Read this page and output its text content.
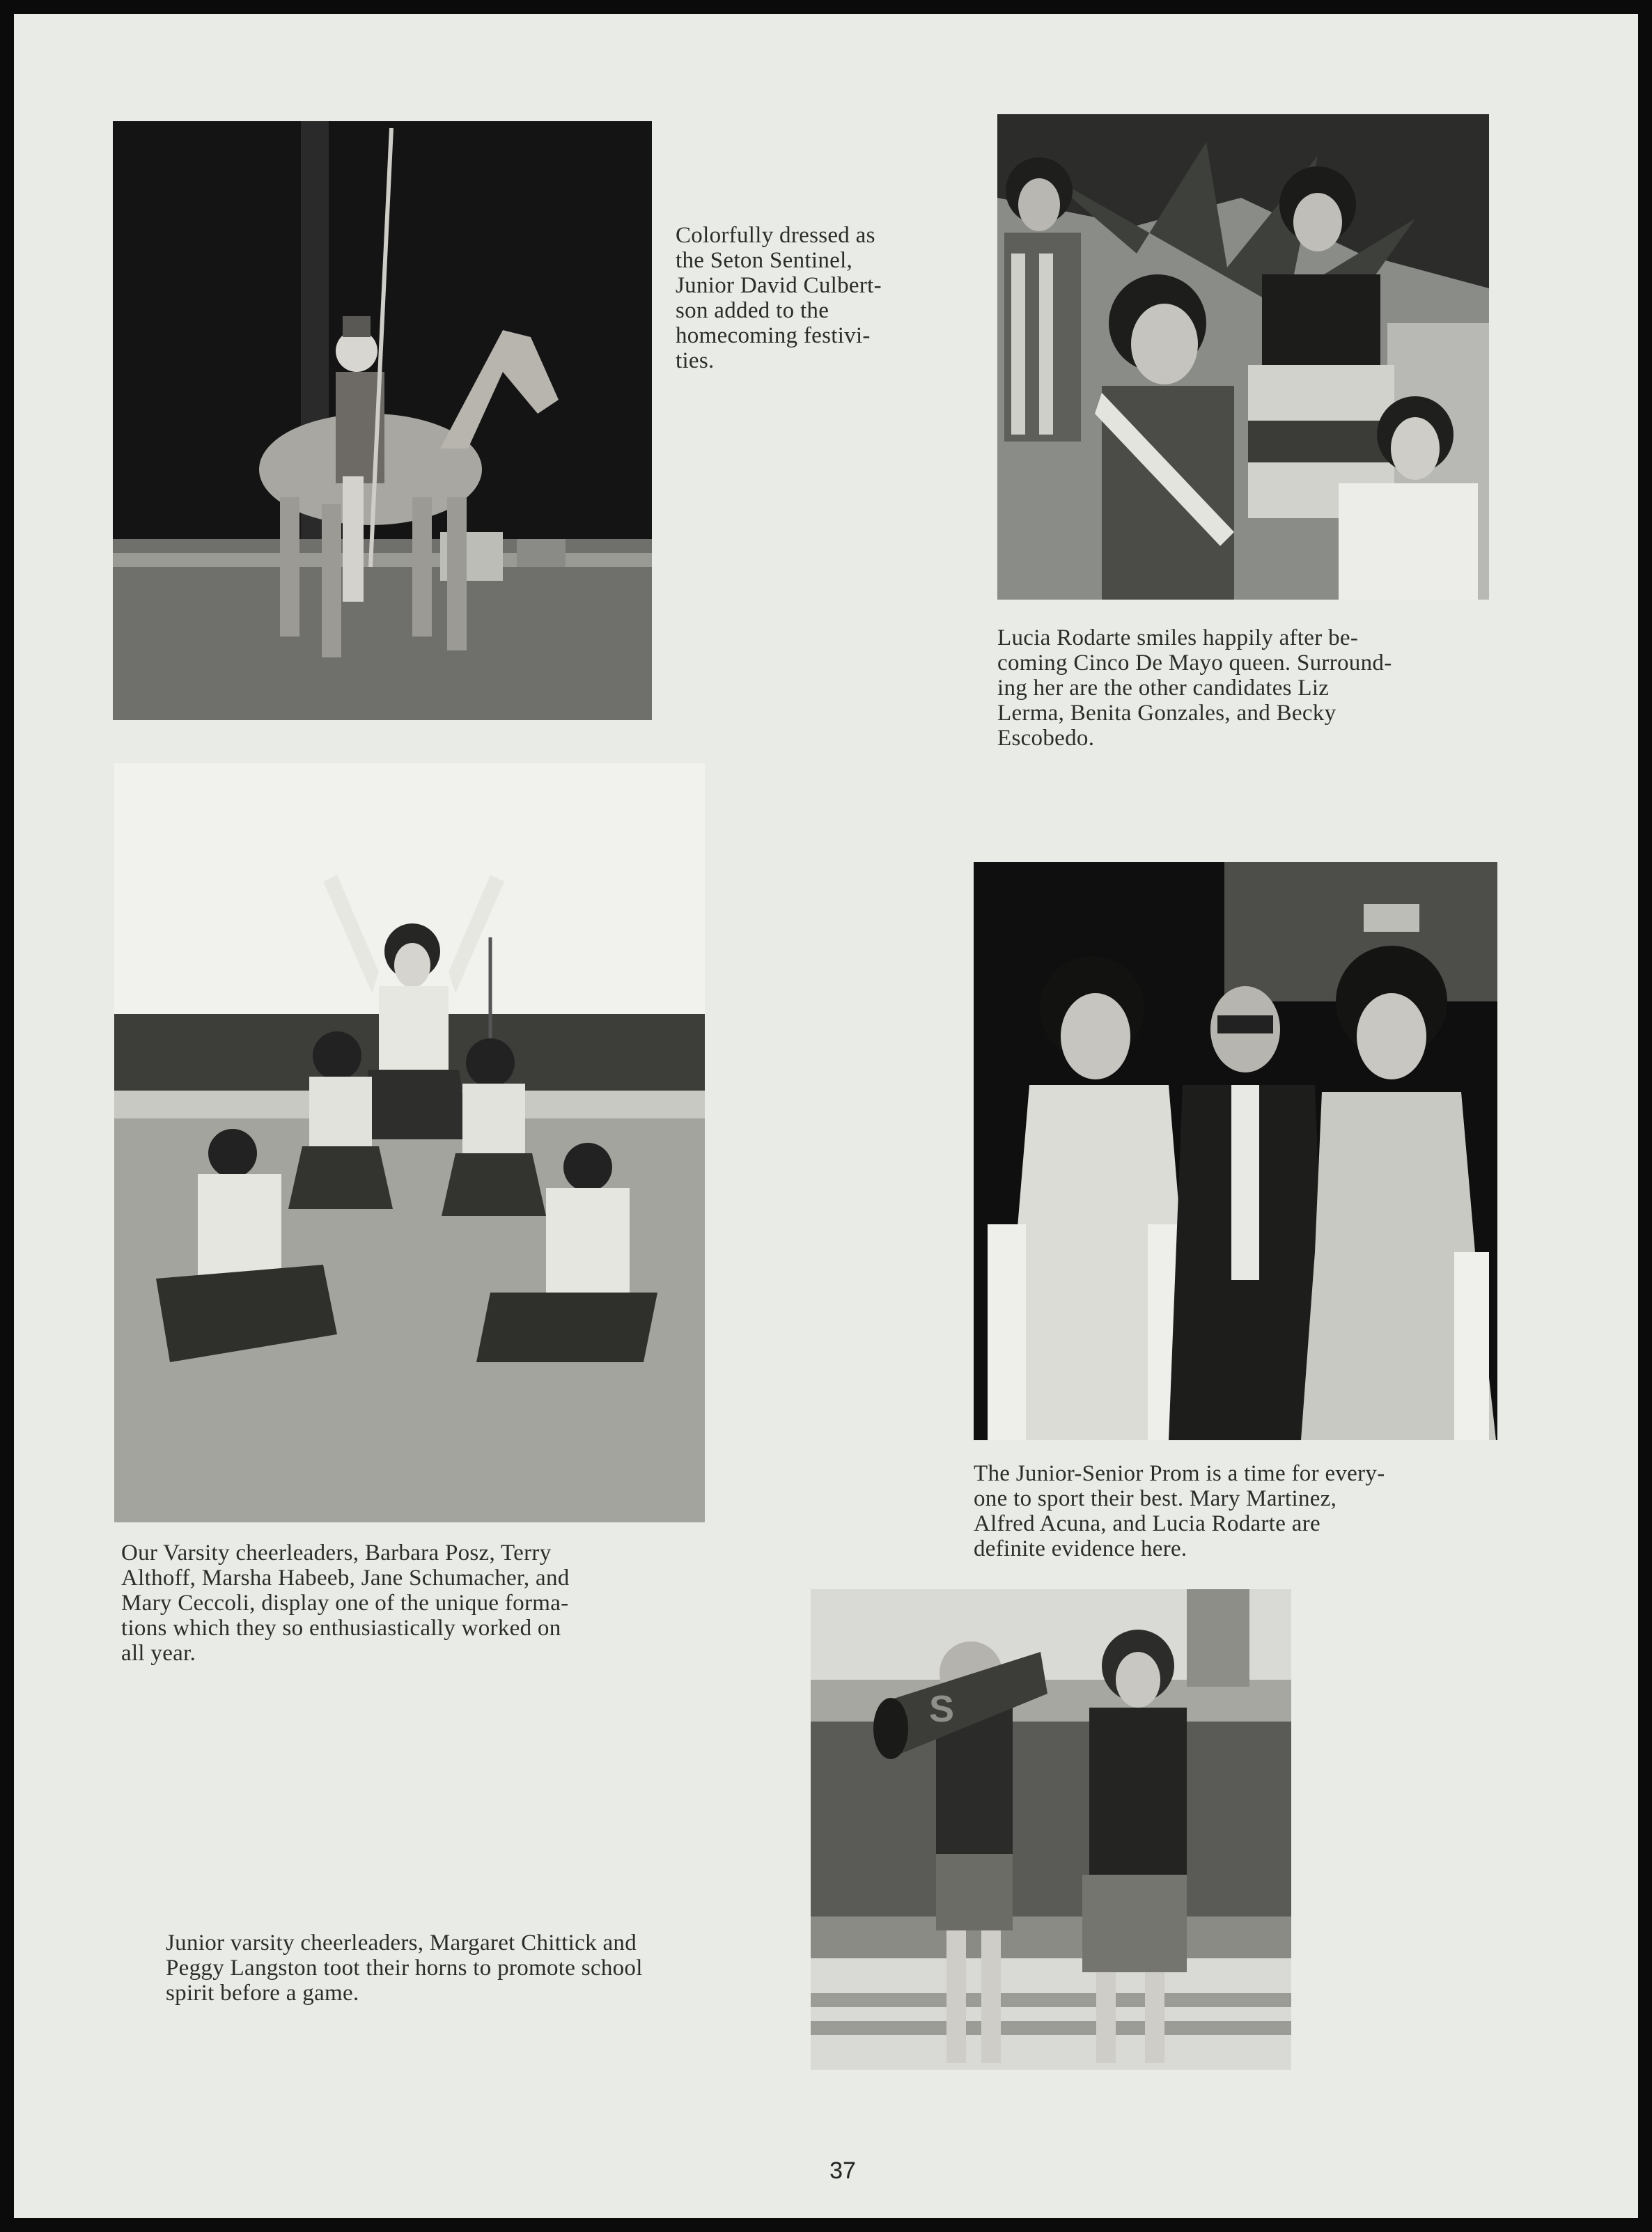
Colorfully dressed as
the Seton Sentinel,
Junior David Culbert-
son added to the
homecoming festivi-
ties.
Lucia Rodarte smiles happily after be-
coming Cinco De Mayo queen. Surround-
ing her are the other candidates Liz
Lerma, Benita Gonzales, and Becky
Escobedo.
Our Varsity cheerleaders, Barbara Posz, Terry
Althoff, Marsha Habeeb, Jane Schumacher, and
Mary Ceccoli, display one of the unique forma-
tions which they so enthusiastically worked on
all year.
The Junior-Senior Prom is a time for every-
one to sport their best. Mary Martinez,
Alfred Acuna, and Lucia Rodarte are
definite evidence here.
S
Junior varsity cheerleaders, Margaret Chittick and
Peggy Langston toot their horns to promote school
spirit before a game.
37
